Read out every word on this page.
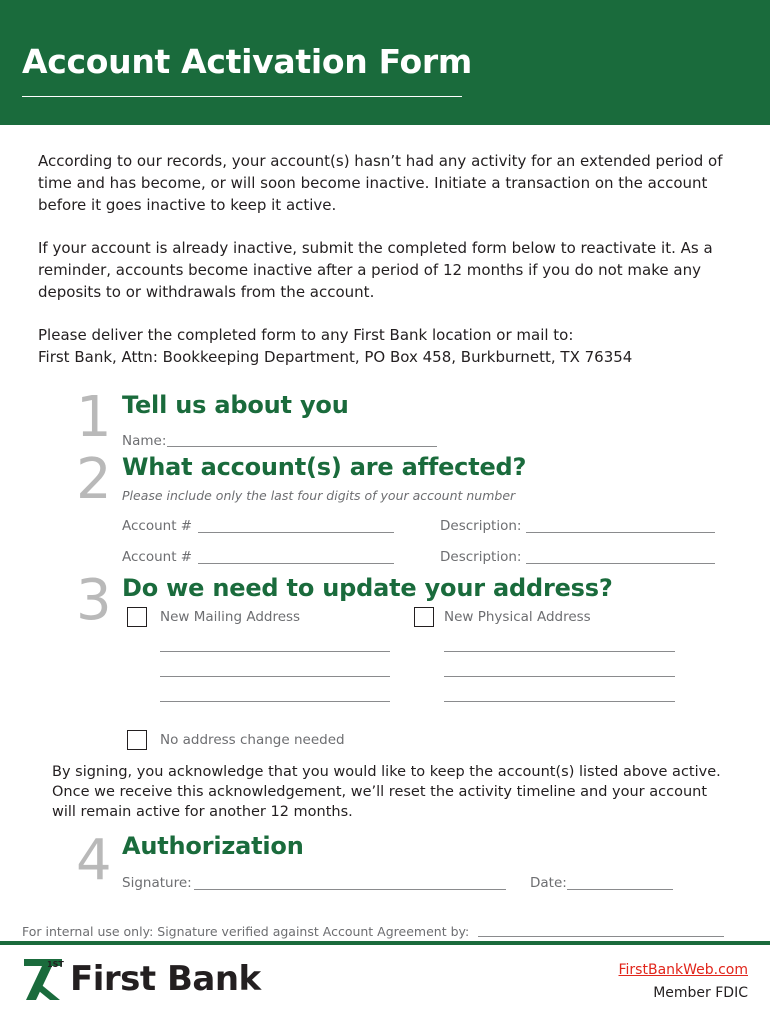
Account Activation Form

According to our records, your account(s) hasn’t had any activity for an extended period of time and has become, or will soon become inactive. Initiate a transaction on the account before it goes inactive to keep it active.

If your account is already inactive, submit the completed form below to reactivate it. As a reminder, accounts become inactive after a period of 12 months if you do not make any deposits to or withdrawals from the account.

Please deliver the completed form to any First Bank location or mail to:

First Bank, Attn: Bookkeeping Department, PO Box 458, Burkburnett, TX 76354

1 Tell us about you
Name:
2 What account(s) are affected?
Please include only the last four digits of your account number
Account #	Description:
Account #	Description:
3 Do we need to update your address?
New Mailing Address	New Physical Address
No address change needed
By signing, you acknowledge that you would like to keep the account(s) listed above active. Once we receive this acknowledgement, we’ll reset the activity timeline and your account will remain active for another 12 months.
4 Authorization
Signature:	Date:
For internal use only: Signature verified against Account Agreement by:
1ST First Bank	FirstBankWeb.com
Member FDIC
